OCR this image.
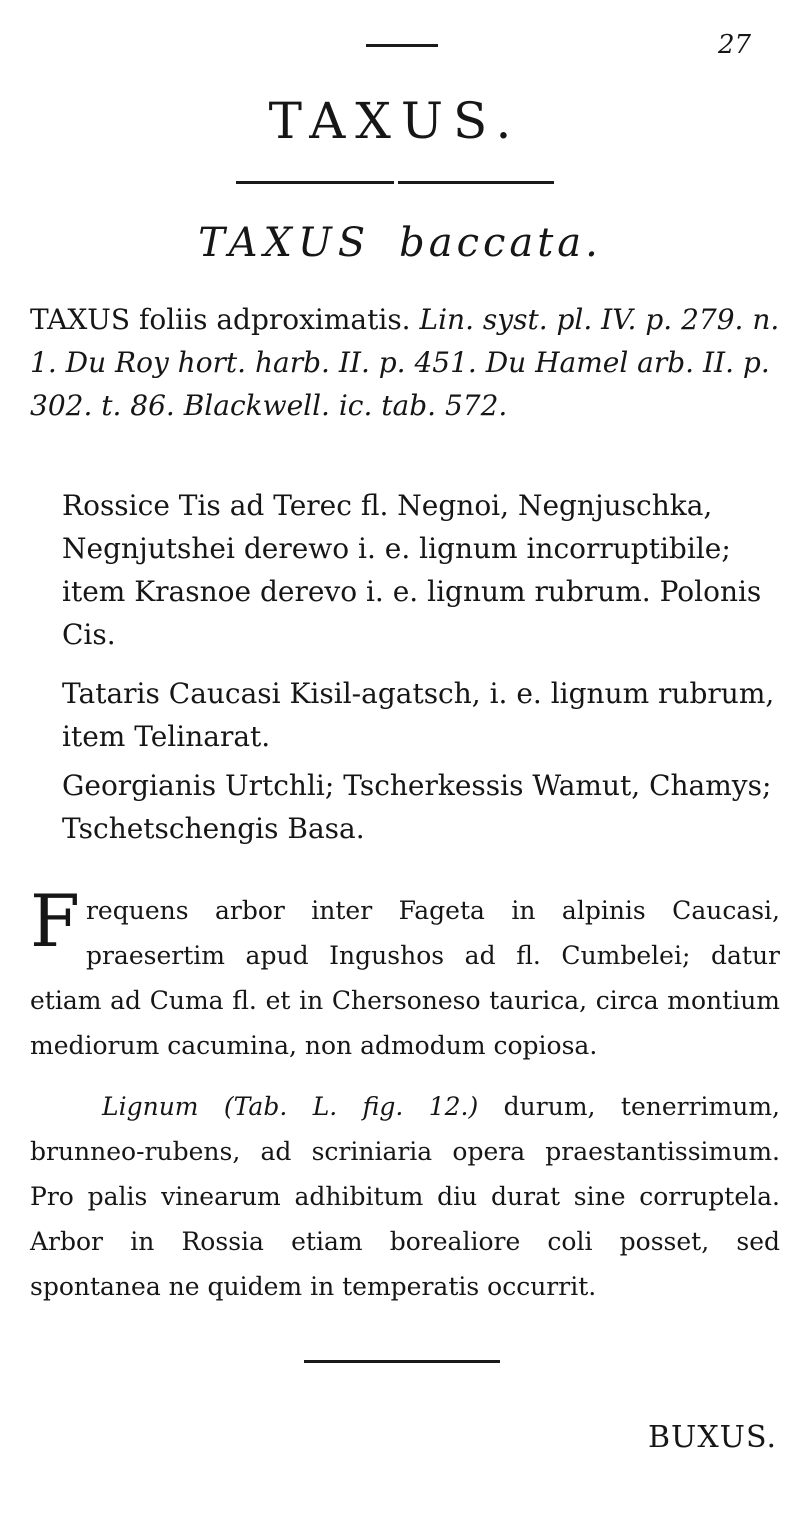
27
TAXUS.
TAXUS baccata.
TAXUS foliis adproximatis. Lin. syst. pl. IV. p. 279. n. 1. Du Roy hort. harb. II. p. 451. Du Hamel arb. II. p. 302. t. 86. Blackwell. ic. tab. 572.
Rossice Tis ad Terec fl. Negnoi, Negnjuschka, Negnjutshei derewo i. e. lignum incorruptibile; item Krasnoe derevo i. e. lignum rubrum. Polonis Cis.
Tataris Caucasi Kisil-agatsch, i. e. lignum rubrum, item Telinarat.
Georgianis Urtchli; Tscherkessis Wamut, Chamys; Tschetschengis Basa.
Frequens arbor inter Fageta in alpinis Caucasi, praesertim apud Ingushos ad fl. Cumbelei; datur etiam ad Cuma fl. et in Chersoneso taurica, circa montium mediorum cacumina, non admodum copiosa.
Lignum (Tab. L. fig. 12.) durum, tenerrimum, brunneo-rubens, ad scriniaria opera praestantissimum. Pro palis vinearum adhibitum diu durat sine corruptela. Arbor in Rossia etiam borealiore coli posset, sed spontanea ne quidem in temperatis occurrit.
BUXUS.
